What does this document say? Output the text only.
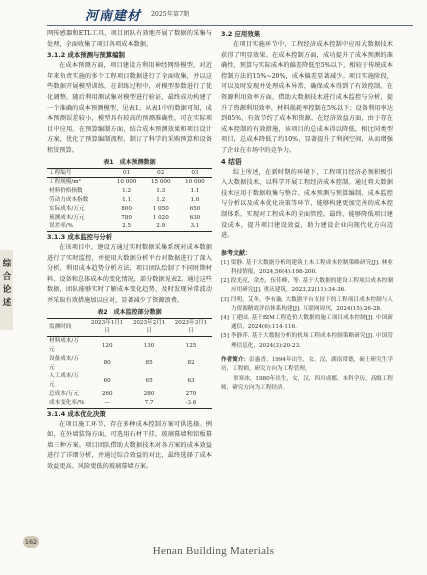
河南建材 2025年第7期
综
合
论
述

网传感器和ETL工具，项目团队有效地开展了数据的采集与处理，全面收集了项目各项成本数据。

3.1.2 成本预测与预算编制

在成本预测方面，项目建设方利用神经网络模型，对近年来负责实施的多个工程项目数据进行了全面收集，并以这些数据开展模型训练。在训练过程中，对模型参数进行了优化调整，随后利用测试集对模型进行验证，最终成功构建了一个准确的成本预测模型，见表1。从表1中的数据可知，成本预测误差较小，模型具有较高的预测准确性，可在实际项目中应用。在预算编制方面，结合成本预测效果和项目设计方案，优化了预算编制流程，制订了科学的采购预算和设备租赁预算。

表1　成本预测数据
工程编号	01	02	03
工程规模/m²	10 000	15 000	10 000
材料价格指数	1.2	1.3	1.1
劳动力成本指数	1.1	1.2	1.0
实际成本/万元	800	1 050	650
预测成本/万元	780	1 020	630
误差率/%	2.5	2.9	3.1
3.1.3 成本监控与分析

在该项目中，建设方通过实时数据采集系统对成本数据进行了实时监控，并使用大数据分析平台对数据进行了深入分析，利用成本趋势分析方法，项目团队绘制了不同时期材料、设备和总体成本的变化情况，部分数据见表2。通过这些数据，团队能够实时了解成本变化趋势，及时发现异常波动并采取有效措施加以应对，显著减少了资源浪费。

表2　成本监控部分数据
监测时间	2023年1月1日	2023年2月1日	2023年3月1日
材料成本/万元	120	130	125
设备成本/万元	80	85	82
人工成本/万元	60	65	63
总成本/万元	260	280	270
成本变化率/%	—	7.7	-3.6
3.1.4 成本优化决策

在项目施工环节，存在多种成本控制方案可供选择。例如，在外墙装饰方面，可选用石材干挂、玻璃幕墙和铝板幕墙三种方案。项目团队借助大数据技术对各方案的成本效益进行了详细分析，并通过综合效益的对比，最终选择了成本效益更高、风险更低的玻璃幕墙方案。

3.2 应用效果

在项目实施环节中，工程经济成本控制中应用大数据技术获得了明显效果。在成本控制方面，成功提升了成本预测的准确性，预算与实际成本的偏差降低至5%以下，相较于传统成本控制方法的15%~20%，成本偏差显著减少。项目实施阶段，可以及时发现并处理成本异常，确保成本得到了有效控制。在资源利用效率方面，借助大数据技术进行成本监控与分析，提升了资源利用效率，材料损耗率控制在5%以下；设备利用率达到85%，有效节约了成本和资源。在经济效益方面，由于存在成本控制的有效措施，该项目的总成本得以降低，相比同类型项目，总成本降低了约10%，显著提升了利润空间，从而增强了企业在市场中的竞争力。

4 结语

综上所述，在新时期的环境下，工程项目经济必须积极引入大数据技术，以科学开展工程经济成本控制。通过将大数据技术应用于数据收集与整合、成本预测与预算编制、成本监控与分析以及成本优化决策等环节，能够构建更加完善的成本控制体系，实现对工程成本的全面管控。最终，能够降低项目建设成本，提升项目建设效益，助力建设企业向现代化方向迈进。

参考文献：

[1] 梁静. 基于大数据分析的建筑土木工程成本控制策略研究[J]. 林业科技情报，2024,56(4):198-200.

[2] 段光亮，余杰，伍佳峰，等. 基于大数据的建设工程项目成本控制应用研究[J]. 重庆建筑，2023,22(11):34-36.

[3] 闫明，艾冬，李有璇. 大数据平台支持下的工程项目成本控制与人力资源精效评估体系构建[J]. 互联网周刊，2024(15):26-28.

[4] 丁建国. 基于BIM工程造价大数据的施工项目成本控制[J]. 中国新通信，2024(6):114-116.

[5] 李静萍. 基于大数据分析的机场工程成本控制策略研究[J]. 中国管理信息化，2024(3):20-23.

作者简介：彭惠香，1994年出生，女，汉，湖南常德，硕士研究生学历，工程师，研究方向为工程管理。

辜寒冰，1980年出生，女，汉，四川成都，本科学历，高级工程师，研究方向为工程经济。

162
Henan Building Materials
